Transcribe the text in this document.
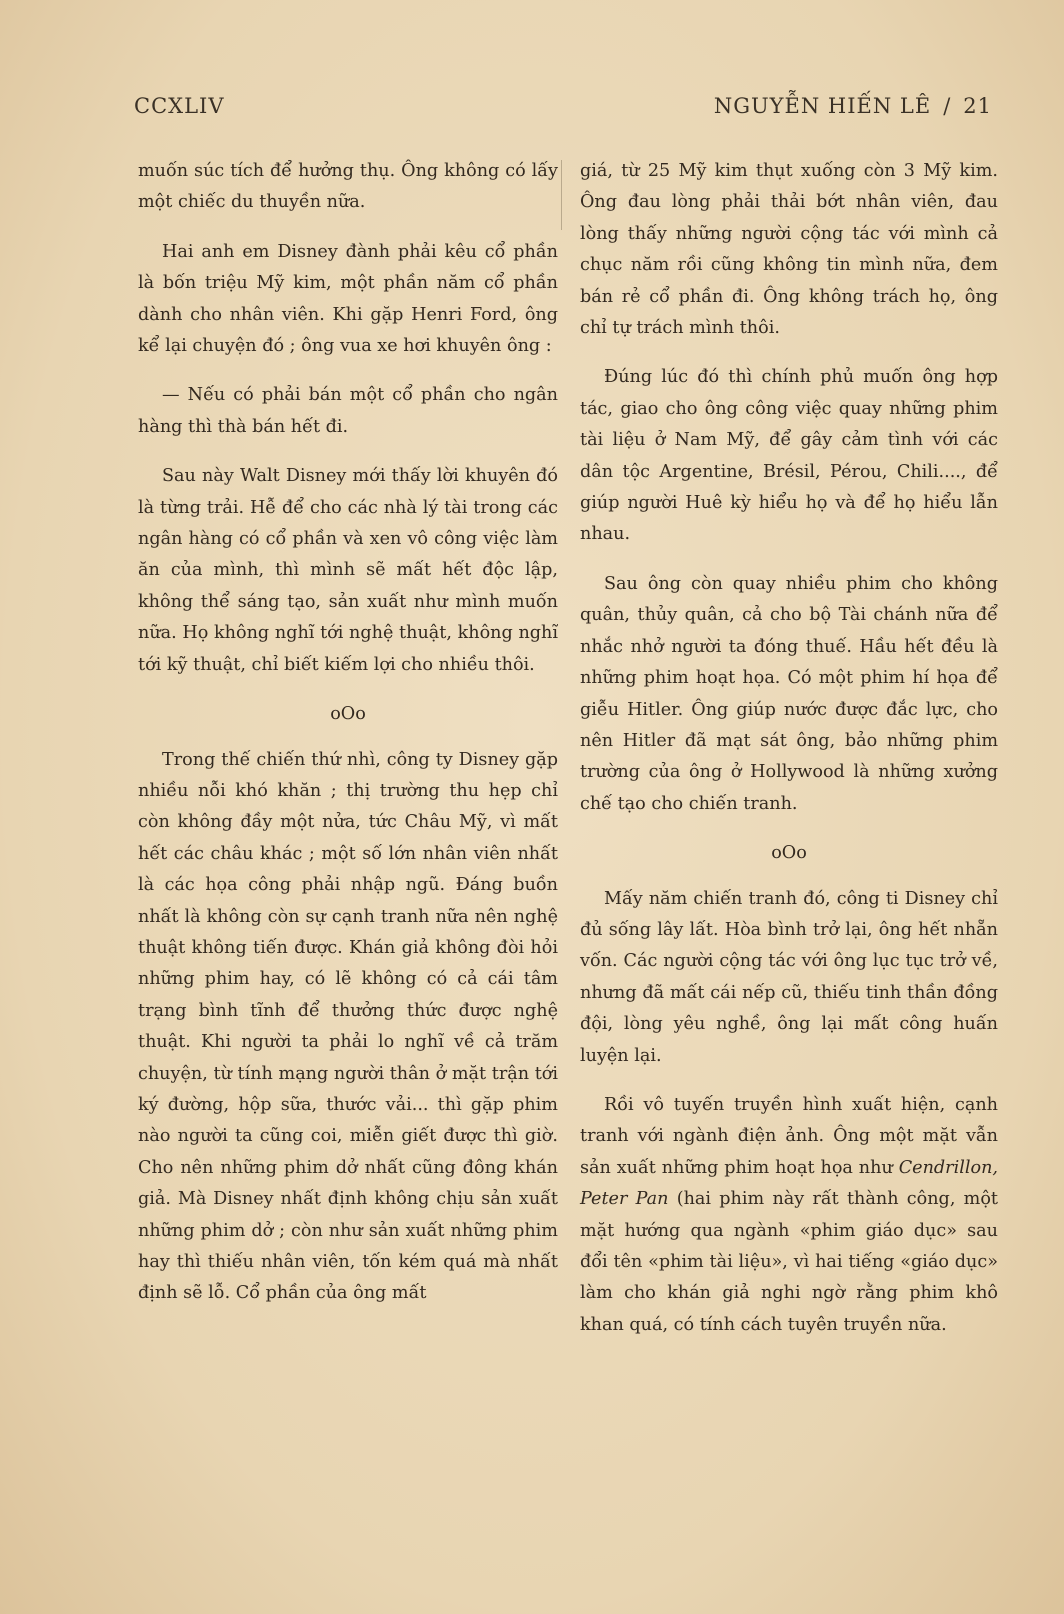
CCXLIV	NGUYỄN HIẾN LÊ / 21

muốn súc tích để hưởng thụ. Ông không có lấy một chiếc du thuyền nữa.

Hai anh em Disney đành phải kêu cổ phần là bốn triệu Mỹ kim, một phần năm cổ phần dành cho nhân viên. Khi gặp Henri Ford, ông kể lại chuyện đó ; ông vua xe hơi khuyên ông :

— Nếu có phải bán một cổ phần cho ngân hàng thì thà bán hết đi.

Sau này Walt Disney mới thấy lời khuyên đó là từng trải. Hễ để cho các nhà lý tài trong các ngân hàng có cổ phần và xen vô công việc làm ăn của mình, thì mình sẽ mất hết độc lập, không thể sáng tạo, sản xuất như mình muốn nữa. Họ không nghĩ tới nghệ thuật, không nghĩ tới kỹ thuật, chỉ biết kiếm lợi cho nhiều thôi.

oOo

Trong thế chiến thứ nhì, công ty Disney gặp nhiều nỗi khó khăn ; thị trường thu hẹp chỉ còn không đầy một nửa, tức Châu Mỹ, vì mất hết các châu khác ; một số lớn nhân viên nhất là các họa công phải nhập ngũ. Đáng buồn nhất là không còn sự cạnh tranh nữa nên nghệ thuật không tiến được. Khán giả không đòi hỏi những phim hay, có lẽ không có cả cái tâm trạng bình tĩnh để thưởng thức được nghệ thuật. Khi người ta phải lo nghĩ về cả trăm chuyện, từ tính mạng người thân ở mặt trận tới ký đường, hộp sữa, thước vải... thì gặp phim nào người ta cũng coi, miễn giết được thì giờ. Cho nên những phim dở nhất cũng đông khán giả. Mà Disney nhất định không chịu sản xuất những phim dở ; còn như sản xuất những phim hay thì thiếu nhân viên, tốn kém quá mà nhất định sẽ lỗ. Cổ phần của ông mất

giá, từ 25 Mỹ kim thụt xuống còn 3 Mỹ kim. Ông đau lòng phải thải bớt nhân viên, đau lòng thấy những người cộng tác với mình cả chục năm rồi cũng không tin mình nữa, đem bán rẻ cổ phần đi. Ông không trách họ, ông chỉ tự trách mình thôi.

Đúng lúc đó thì chính phủ muốn ông hợp tác, giao cho ông công việc quay những phim tài liệu ở Nam Mỹ, để gây cảm tình với các dân tộc Argentine, Brésil, Pérou, Chili...., để giúp người Huê kỳ hiểu họ và để họ hiểu lẫn nhau.

Sau ông còn quay nhiều phim cho không quân, thủy quân, cả cho bộ Tài chánh nữa để nhắc nhở người ta đóng thuế. Hầu hết đều là những phim hoạt họa. Có một phim hí họa để giễu Hitler. Ông giúp nước được đắc lực, cho nên Hitler đã mạt sát ông, bảo những phim trường của ông ở Hollywood là những xưởng chế tạo cho chiến tranh.

oOo

Mấy năm chiến tranh đó, công ti Disney chỉ đủ sống lây lất. Hòa bình trở lại, ông hết nhẵn vốn. Các người cộng tác với ông lục tục trở về, nhưng đã mất cái nếp cũ, thiếu tinh thần đồng đội, lòng yêu nghề, ông lại mất công huấn luyện lại.

Rồi vô tuyến truyền hình xuất hiện, cạnh tranh với ngành điện ảnh. Ông một mặt vẫn sản xuất những phim hoạt họa như Cendrillon, Peter Pan (hai phim này rất thành công, một mặt hướng qua ngành «phim giáo dục» sau đổi tên «phim tài liệu», vì hai tiếng «giáo dục» làm cho khán giả nghi ngờ rằng phim khô khan quá, có tính cách tuyên truyền nữa.
